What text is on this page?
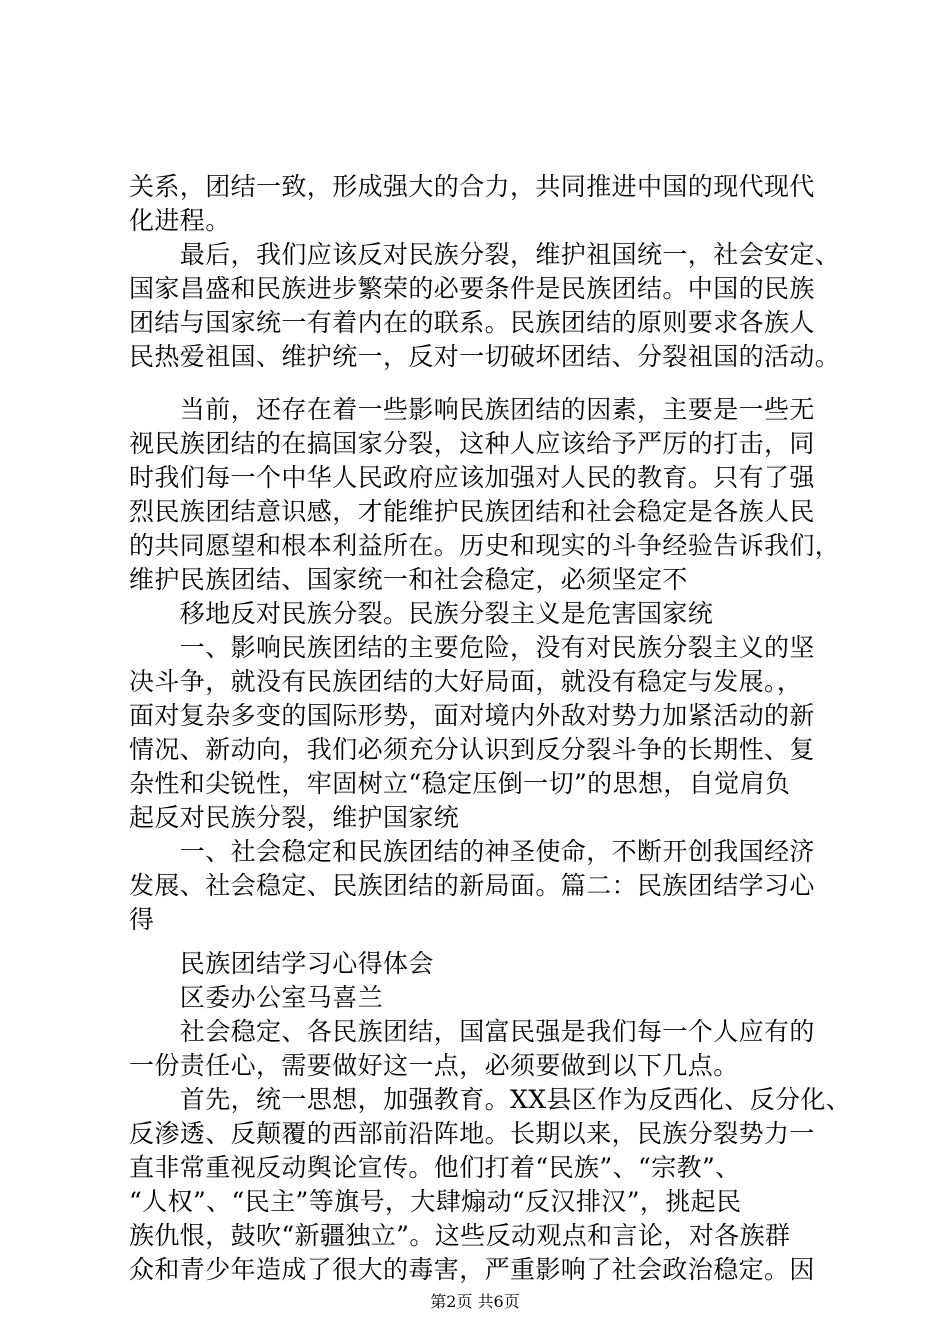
关系，团结一致，形成强大的合力，共同推进中国的现代现代
化进程。
　　最后，我们应该反对民族分裂，维护祖国统一，社会安定、
国家昌盛和民族进步繁荣的必要条件是民族团结。中国的民族
团结与国家统一有着内在的联系。民族团结的原则要求各族人
民热爱祖国、维护统一，反对一切破坏团结、分裂祖国的活动。
　　当前，还存在着一些影响民族团结的因素，主要是一些无
视民族团结的在搞国家分裂，这种人应该给予严厉的打击，同
时我们每一个中华人民政府应该加强对人民的教育。只有了强
烈民族团结意识感，才能维护民族团结和社会稳定是各族人民
的共同愿望和根本利益所在。历史和现实的斗争经验告诉我们，
维护民族团结、国家统一和社会稳定，必须坚定不
　　移地反对民族分裂。民族分裂主义是危害国家统
　　一、影响民族团结的主要危险，没有对民族分裂主义的坚
决斗争，就没有民族团结的大好局面，就没有稳定与发展。，
面对复杂多变的国际形势，面对境内外敌对势力加紧活动的新
情况、新动向，我们必须充分认识到反分裂斗争的长期性、复
杂性和尖锐性，牢固树立“稳定压倒一切”的思想，自觉肩负
起反对民族分裂，维护国家统
　　一、社会稳定和民族团结的神圣使命，不断开创我国经济
发展、社会稳定、民族团结的新局面。篇二：民族团结学习心
得
　　民族团结学习心得体会
　　区委办公室马喜兰
　　社会稳定、各民族团结，国富民强是我们每一个人应有的
一份责任心，需要做好这一点，必须要做到以下几点。
　　首先，统一思想，加强教育。XX县区作为反西化、反分化、
反渗透、反颠覆的西部前沿阵地。长期以来，民族分裂势力一
直非常重视反动舆论宣传。他们打着“民族”、“宗教”、
“人权”、“民主”等旗号，大肆煽动“反汉排汉”，挑起民
族仇恨，鼓吹“新疆独立”。这些反动观点和言论，对各族群
众和青少年造成了很大的毒害，严重影响了社会政治稳定。因
第2页 共6页
